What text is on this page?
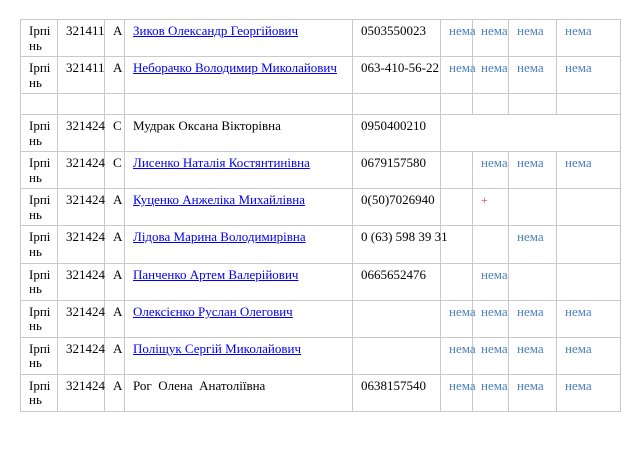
Ірпінь	321411	А	Зиков Олександр Георгійович	0503550023	нема	нема	нема	нема
Ірпінь	321411	А	Неборачко Володимир Миколайович	063-410-56-22	нема	нема	нема	нема

Ірпінь	321424	С	Мудрак Оксана Вікторівна	0950400210				
Ірпінь	321424	С	Лисенко Наталія Костянтинівна	0679157580		нема	нема	нема
Ірпінь	321424	А	Куценко Анжеліка Михайлівна	0(50)7026940		+		
Ірпінь	321424	А	Лідова Марина Володимирівна	0 (63) 598 39 31			нема	
Ірпінь	321424	А	Панченко Артем Валерійович	0665652476		нема		
Ірпінь	321424	А	Олексієнко Руслан Олегович		нема	нема	нема	нема
Ірпінь	321424	А	Поліщук Сергій Миколайович		нема	нема	нема	нема
Ірпінь	321424	А	Рог  Олена  Анатоліївна	0638157540	нема	нема	нема	нема
